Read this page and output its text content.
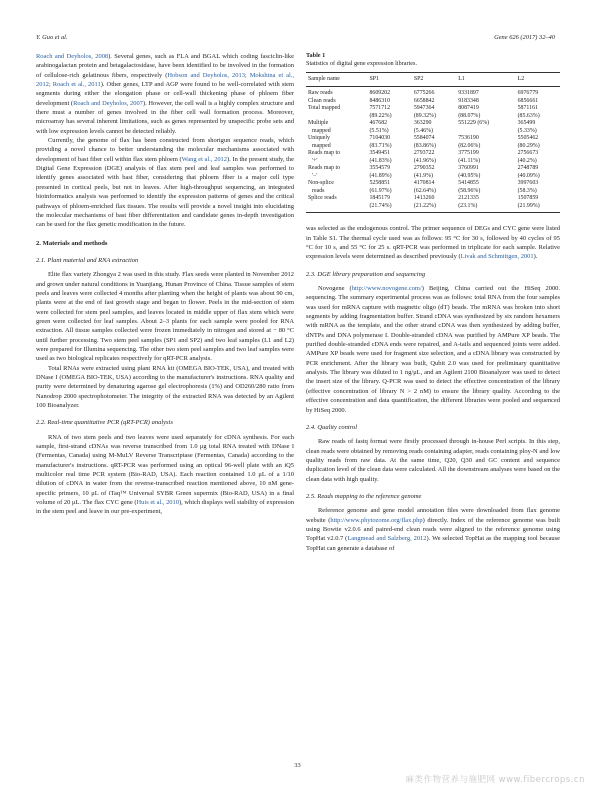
Y. Guo et al.	Gene 626 (2017) 32–40

Roach and Deyholos, 2008). Several genes, such as FLA and BGAL which coding fasciclin-like arabinogalactan protein and betagalactosidase, have been identified to be involved in the formation of cellulose-rich gelatinous fibers, respectively (Hobson and Deyholos, 2013; Mokshina et al., 2012; Roach et al., 2011). Other genes, LTP and AGP were found to be well-correlated with stem segments during either the elongation phase or cell-wall thickening phase of phloem fiber development (Roach and Deyholos, 2007). However, the cell wall is a highly complex structure and there must a number of genes involved in the fiber cell wall formation process. Moreover, microarray has several inherent limitations, such as genes represented by unspecific probe sets and with low expression levels cannot be detected reliably.

Currently, the genome of flax has been constructed from shortgun sequence reads, which providing a novel chance to better understanding the molecular mechanisms associated with development of bast fiber cell within flax stem phloem (Wang et al., 2012). In the present study, the Digital Gene Expression (DGE) analysis of flax stem peel and leaf samples was performed to identify genes associated with bast fiber, considering that phloem fiber is a major cell type presented in cortical peels, but not in leaves. After high-throughput sequencing, an integrated bioinformatics analysis was performed to identify the expression patterns of genes and the critical pathways of phloem-enriched flax tissues. The results will provide a novel insight into elucidating the molecular mechanisms of bast fiber differentiation and candidate genes in-depth investigation can be used for the flax genetic modification in the future.

2. Materials and methods
2.1. Plant material and RNA extraction

Elite flax variety Zhongya 2 was used in this study. Flax seeds were planted in November 2012 and grown under natural conditions in Yuanjiang, Hunan Province of China. Tissue samples of stem peels and leaves were collected 4 months after planting when the height of plants was about 90 cm, plants were at the end of fast growth stage and began to flower. Peels in the mid-section of stem were collected for stem peel samples, and leaves located in middle upper of flax stem which were green were collected for leaf samples. About 2–3 plants for each sample were pooled for RNA extraction. All tissue samples collected were frozen immediately in nitrogen and stored at − 80 °C until further processing. Two stem peel samples (SP1 and SP2) and two leaf samples (L1 and L2) were prepared for Illumina sequencing. The other two stem peel samples and two leaf samples were used as two biological replicates respectively for qRT-PCR analysis.

Total RNAs were extracted using plant RNA kit (OMEGA BIO-TEK, USA), and treated with DNase I (OMEGA BIO-TEK, USA) according to the manufacturer's instructions. RNA quality and purity were determined by denaturing agarose gel electrophoresis (1%) and OD260/280 ratio from Nanodrop 2000 spectrophotometer. The integrity of the extracted RNA was detected by an Agilent 100 Bioanalyzer.

2.2. Real-time quantitative PCR (qRT-PCR) analysis

RNA of two stem peels and two leaves were used separately for cDNA synthesis. For each sample, first-strand cDNAs was reverse transcribed from 1.0 μg total RNA treated with DNase I (Fermentas, Canada) using M-MuLV Reverse Transcriptase (Fermentas, Canada) according to the manufacturer's instructions. qRT-PCR was performed using an optical 96-well plate with an iQ5 multicolor real time PCR system (Bio-RAD, USA). Each reaction contained 1.0 μL of a 1/10 dilution of cDNA in water from the reverse-transcribed reaction mentioned above, 10 nM gene-specific primers, 10 μL of iTaq™ Universal SYBR Green supermix (Bio-RAD, USA) in a final volume of 20 μL. The flax CYC gene (Huis et al., 2010), which displays well stability of expression in the stem peel and leave in our pre-experiment,

Table 1
Statistics of digital gene expression libraries.
Sample name	SP1	SP2	L1	L2
Raw reads	8609202	6775266	9331897	6976779
Clean reads	8486310	6658842	9183348	6856661
Total mapped	7571712	5947364	8087419	5871161
	(89.22%)	(89.32%)	(88.07%)	(85.63%)
Multiple	467682	363290	551229 (6%)	365499
mapped	(5.51%)	(5.46%)		(5.33%)
Uniquely	7104030	5584074	7536190	5505462
mapped	(83.71%)	(83.86%)	(82.06%)	(80.29%)
Reads map to	3549451	2793722	3775199	2756673
'+'	(41.83%)	(41.96%)	(41.11%)	(40.2%)
Reads map to	3554579	2790352	3760991	2748789
'−'	(41.89%)	(41.9%)	(40.95%)	(40.09%)
Non-splice	5258851	4170814	5414855	3997603
reads	(61.97%)	(62.64%)	(58.96%)	(58.3%)
Splice reads	1845179	1413260	2121335	1507859
	(21.74%)	(21.22%)	(23.1%)	(21.99%)

was selected as the endogenous control. The primer sequence of DEGs and CYC gene were listed in Table S1. The thermal cycle used was as follows: 95 °C for 30 s, followed by 40 cycles of 95 °C for 10 s, and 55 °C for 25 s. qRT-PCR was performed in triplicate for each sample. Relative expression levels were determined as described previously (Livak and Schmittgen, 2001).

2.3. DGE library preparation and sequencing

Novogene (http://www.novogene.com/) Beijing, China carried out the HiSeq 2000. sequencing. The summary experimental process was as follows: total RNA from the four samples was used for mRNA capture with magnetic oligo (dT) beads. The mRNA was broken into short segments by adding fragmentation buffer. Strand cDNA was synthesized by six random hexamers with mRNA as the template, and the other strand cDNA was then synthesized by adding buffer, dNTPs and DNA polymerase I. Double-stranded cDNA was purified by AMPure XP beads. The purified double-stranded cDNA ends were repaired, and A-tails and sequenced joints were added. AMPure XP beads were used for fragment size selection, and a cDNA library was constructed by PCR enrichment. After the library was built, Qubit 2.0 was used for preliminary quantitative analysis. The library was diluted to 1 ng/μL, and an Agilent 2100 Bioanalyzer was used to detect the insert size of the library. Q-PCR was used to detect the effective concentration of the library (effective concentration of library N > 2 nM) to ensure the library quality. According to the effective concentration and data quantification, the different libraries were pooled and sequenced by HiSeq 2000.

2.4. Quality control

Raw reads of fastq format were firstly processed through in-house Perl scripts. In this step, clean reads were obtained by removing reads containing adapter, reads containing ploy-N and low quality reads from raw data. At the same time, Q20, Q30 and GC content and sequence duplication level of the clean data were calculated. All the downstream analyses were based on the clean data with high quality.

2.5. Reads mapping to the reference genome

Reference genome and gene model annotation files were downloaded from flax genome website (http://www.phytozome.org/flax.php) directly. Index of the reference genome was built using Bowtie v2.0.6 and paired-end clean reads were aligned to the reference genome using TopHat v2.0.7 (Langmead and Salzberg, 2012). We selected TopHat as the mapping tool because TopHat can generate a database of

33
麻类作物营养与施肥网 www.fibercrops.cn
